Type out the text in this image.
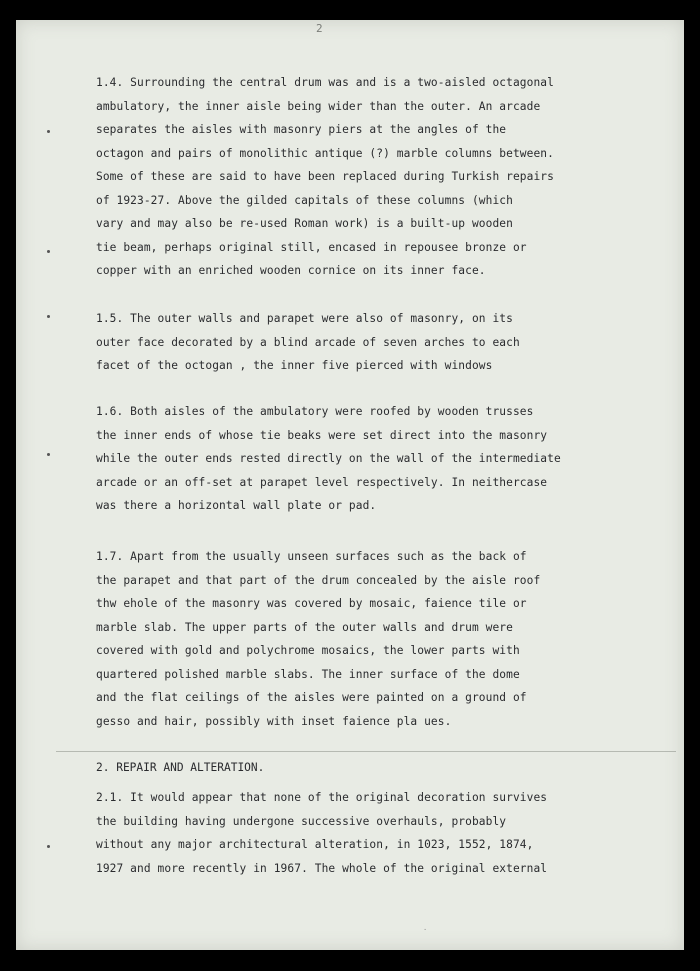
2
1.4. Surrounding the central drum was and is a two-aisled octagonal
ambulatory, the inner aisle being wider than the outer. An arcade
separates the aisles with masonry piers at the angles of the
octagon and pairs of monolithic antique (?) marble columns between.
Some of these are said to have been replaced during Turkish repairs
of 1923-27. Above the gilded capitals of these columns (which
vary and may also be re-used Roman work) is a built-up wooden
tie beam, perhaps original still, encased in repousee bronze or
copper with an enriched wooden cornice on its inner face.
1.5. The outer walls and parapet were also of masonry, on its
outer face decorated by a blind arcade of seven arches to each
facet of the octogan , the inner five pierced with windows
1.6. Both aisles of the ambulatory were roofed by wooden trusses
the inner ends of whose tie beaks were set direct into the masonry
while the outer ends rested directly on the wall of the intermediate
arcade or an off-set at parapet level respectively. In neithercase
was there a horizontal wall plate or pad.
1.7. Apart from the usually unseen surfaces such as the back of
the parapet and that part of the drum concealed by the aisle roof
thw ehole of the masonry was covered by mosaic, faience tile or
marble slab. The upper parts of the outer walls and drum were
covered with gold and polychrome mosaics, the lower parts with
quartered polished marble slabs. The inner surface of the dome
and the flat ceilings of the aisles were painted on a ground of
gesso and hair, possibly with inset faience pla ues.
2. REPAIR AND ALTERATION.
2.1. It would appear that none of the original decoration survives
the building having undergone successive overhauls, probably
without any major architectural alteration, in 1023, 1552, 1874,
1927 and more recently in 1967. The whole of the original external
·
